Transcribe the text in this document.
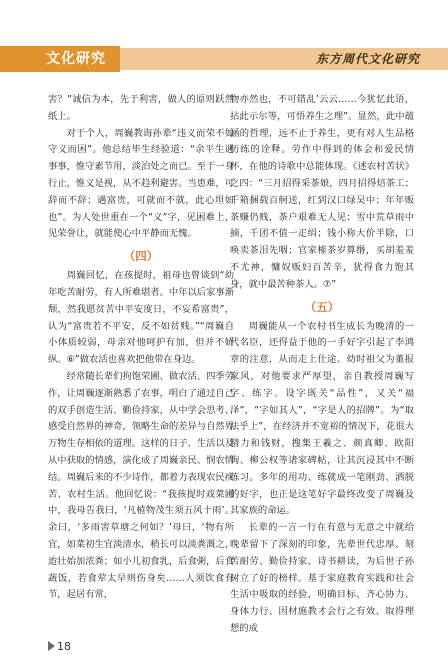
文化研究	东方周代文化研究

害？”诚信为本，先于利害，做人的原则跃然纸上。

对于个人，周巍教诲孙辈“违义而荣不如守义而困”。他总结毕生经验道：“余平生遇事事，惟守素节用，淡泊处之而已。至于一身行止，惟义是视，从不趋利避害。当患难，可辞而不辞；遇富贵，可就而不就，此心坦如也”。为人处世重在一个“义”字，见困难上，见荣誉让，就能使心中平静而无愧。

（四）

周巍回忆，在孩提时，祖母也曾谈到“幼年吃苦耐劳，有人所难堪者。中年以后家事渐颓，然我愿贫苦中平安度日，不妄希富贵”，认为“富贵若不平安，反不如贫贱。”“周巍自小体质较弱，母亲对他呵护有加，但并不娇纵。⑥”做农活也喜欢把他带在身边。

经常随长辈们拘饱荣圃、做农活、四季劳作，让周巍逐渐熟悉了农事，明白了通过自己的双手创造生活、勤俭持家，从中学会思考、感受自然界的神奇，领略生命的差异与自然界万物生存相依的道理。这样的日子、生活以及从中获取的情感，演化成了周巍亲民、悯农情结。周巍后来的不少诗作，都着力表现农民疾苦、农村生活。他回忆说：“我孩提时戏菜圃中，我母告我曰，‘凡植物茂生须五风十雨’。余曰，‘多雨害草塘之何如？’母曰，‘物有所宜，如菜初生宜淡清水，稍长可以淡粪溉之，迨壮始加浓粪；如小儿初食乳，后食粥，后食蔬饭，若食荤太早则伤身矣……人须饮食有节，起居有常，

物亦然也，不可错乱’云云……今犹忆此语，拈此示尔等，可悟养生之理”。显然，此中蕴涵的哲理，远不止于养生，更有对人生品格历练的诠释。劳作中得到的体会和爱民情怀，在他的诗歌中总能体现。《述农村苦状》之四：“三月招得采茶娘，四月招得焙茶工；千箱捆载百舸送，红到汉口绿吴中；年年贩茶赚仍贱，茶户艰难无人见；雪中荒草雨中摘，千团不值一疋绢；钱小称大价半除，口唤卖茶泪先咽；官家榷茶岁算缗，买胡羞羞不尤神，慵奴贩妇百苦辛，犹得食力饱其身，就中最苦种茶人。⑦”

（五）

周巍能从一个农村书生成长为晚清的一代名臣，还得益于他的一手好字引起了李鸿章的注意，从而走上仕途。幼时祖父为董报家风，对他要求严厚望，亲自教授周巍写字、练字。设字既关“品性”，又关“福泽”，“字如其人”，“字是人的招牌”。为“取法乎上”，在经济并不宽裕的情况下，花很大精力和钱财，搜集王羲之、颜真卿、欧阳询、柳公权等诸家碑帖，让其沉浸其中不断练习。多年的用功、练就成一笔刚劲、洒脱的好字，也正是这笔好字最终改变了周巍及其家族的命运。

长辈的一言一行在有意与无意之中就给晚辈留下了深刻的印象，先辈世代忠厚、刻苦耐劳、勤俭持家、诗书耕读，为后世子孙树立了好的榜样。基于家庭教育实践和社会生活中吸取的经验，明确目标、齐心协力、身体力行、因材施教才会行之有效、取得理想的成

18
